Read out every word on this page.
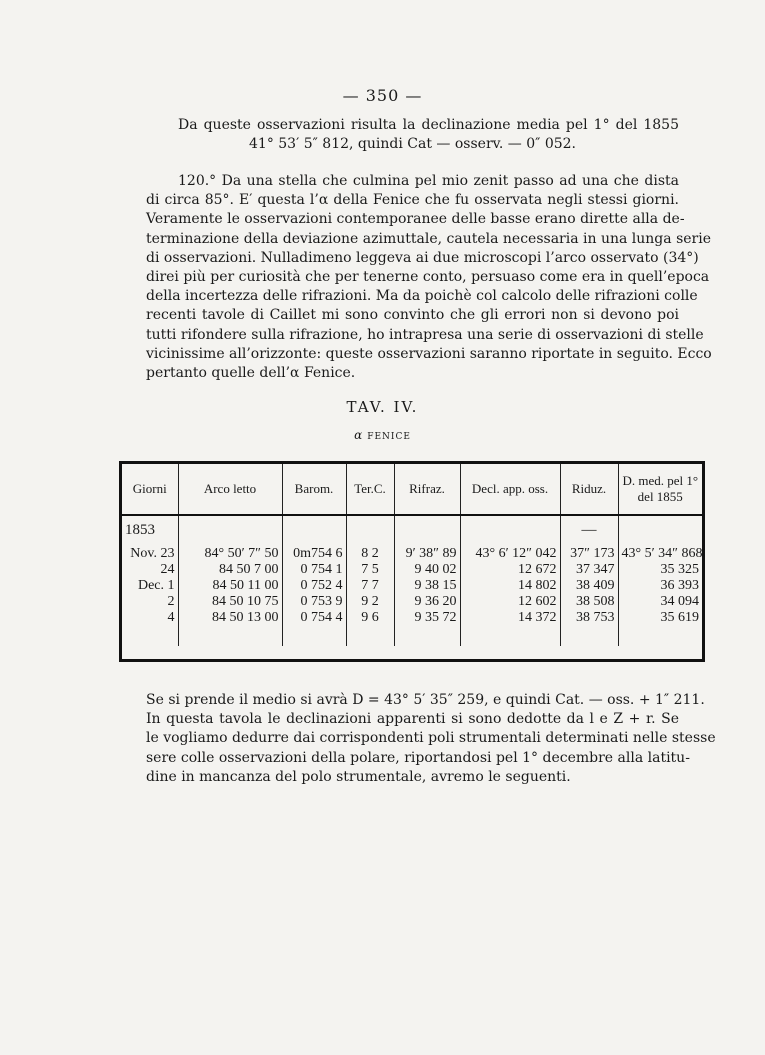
— 350 —
Da queste osservazioni risulta la declinazione media pel 1° del 1855
41° 53′ 5″ 812, quindi Cat — osserv. — 0″ 052.
120.° Da una stella che culmina pel mio zenit passo ad una che dista
di circa 85°. E′ questa l’α della Fenice che fu osservata negli stessi giorni.
Veramente le osservazioni contemporanee delle basse erano dirette alla de-
terminazione della deviazione azimuttale, cautela necessaria in una lunga serie
di osservazioni. Nulladimeno leggeva ai due microscopi l’arco osservato (34°)
direi più per curiosità che per tenerne conto, persuaso come era in quell’epoca
della incertezza delle rifrazioni. Ma da poichè col calcolo delle rifrazioni colle
recenti tavole di Caillet mi sono convinto che gli errori non si devono poi
tutti rifondere sulla rifrazione, ho intrapresa una serie di osservazioni di stelle
vicinissime all’orizzonte: queste osservazioni saranno riportate in seguito. Ecco
pertanto quelle dell’α Fenice.
TAV. IV.
α FENICE
Giorni	Arco letto	Barom.	Ter.C.	Rifraz.	Decl. app. oss.	Riduz.	D. med. pel 1° del 1855
1853						—	
Nov. 23	84° 50′ 7″ 50	0m754 6	8 2	9′ 38″ 89	43° 6′ 12″ 042	37″ 173	43° 5′ 34″ 868
24	84 50 7 00	0 754 1	7 5	9 40 02	12 672	37 347	35 325
Dec. 1	84 50 11 00	0 752 4	7 7	9 38 15	14 802	38 409	36 393
2	84 50 10 75	0 753 9	9 2	9 36 20	12 602	38 508	34 094
4	84 50 13 00	0 754 4	9 6	9 35 72	14 372	38 753	35 619

Se si prende il medio si avrà D = 43° 5′ 35″ 259, e quindi Cat. — oss. + 1″ 211.
In questa tavola le declinazioni apparenti si sono dedotte da l e Z + r. Se
le vogliamo dedurre dai corrispondenti poli strumentali determinati nelle stesse
sere colle osservazioni della polare, riportandosi pel 1° decembre alla latitu-
dine in mancanza del polo strumentale, avremo le seguenti.
